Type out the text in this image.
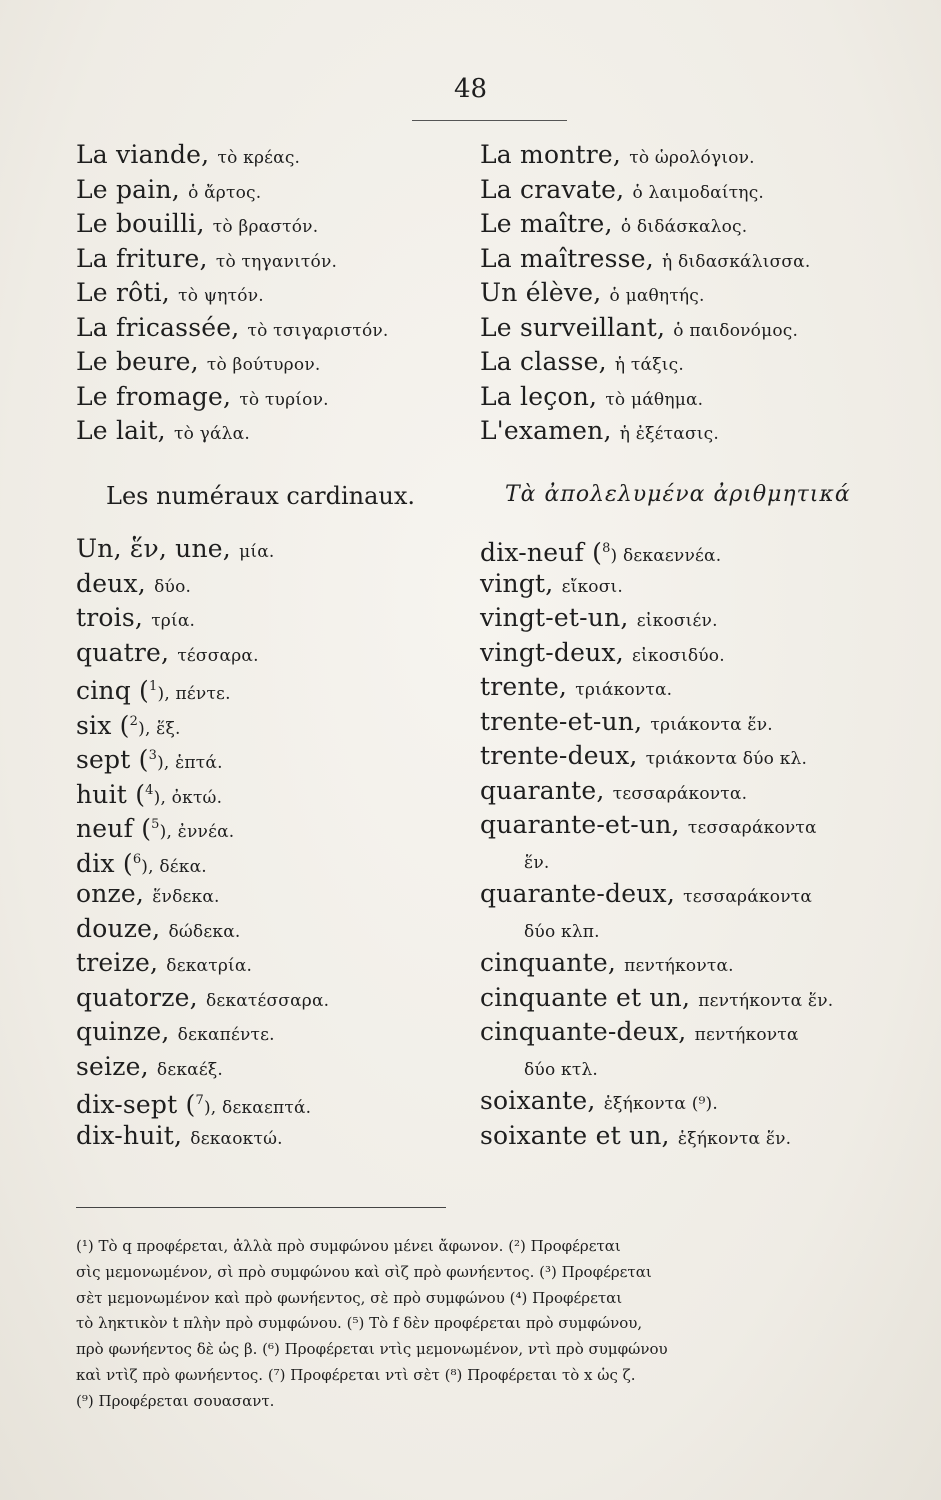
48
La viande, τὸ κρέας.
Le pain, ὁ ἄρτος.
Le bouilli, τὸ βραστόν.
La friture, τὸ τηγανιτόν.
Le rôti, τὸ ψητόν.
La fricassée, τὸ τσιγαριστόν.
Le beure, τὸ βούτυρον.
Le fromage, τὸ τυρίον.
Le lait, τὸ γάλα.
La montre, τὸ ὡρολόγιον.
La cravate, ὁ λαιμοδαίτης.
Le maître, ὁ διδάσκαλος.
La maîtresse, ἡ διδασκάλισσα.
Un élève, ὁ μαθητής.
Le surveillant, ὁ παιδονόμος.
La classe, ἡ τάξις.
La leçon, τὸ μάθημα.
L'examen, ἡ ἐξέτασις.
Les numéraux cardinaux.	Τὰ ἀπολελυμένα ἀριθμητικά
Un, ἕν, une, μία.
deux, δύο.
trois, τρία.
quatre, τέσσαρα.
cinq ($^1$), πέντε.
six ($^2$), ἕξ.
sept ($^3$), ἑπτά.
huit ($^4$), ὀκτώ.
neuf ($^5$), ἐννέα.
dix ($^6$), δέκα.
onze, ἕνδεκα.
douze, δώδεκα.
treize, δεκατρία.
quatorze, δεκατέσσαρα.
quinze, δεκαπέντε.
seize, δεκαέξ.
dix-sept ($^7$), δεκαεπτά.
dix-huit, δεκαοκτώ.
dix-neuf ($^8$) δεκαεννέα.
vingt, εἴκοσι.
vingt-et-un, εἰκοσιέν.
vingt-deux, εἰκοσιδύο.
trente, τριάκοντα.
trente-et-un, τριάκοντα ἕν.
trente-deux, τριάκοντα δύο κλ.
quarante, τεσσαράκοντα.
quarante-et-un, τεσσαράκοντα
ἕν.
quarante-deux, τεσσαράκοντα
δύο κλπ.
cinquante, πεντήκοντα.
cinquante et un, πεντήκοντα ἕν.
cinquante-deux, πεντήκοντα
δύο κτλ.
soixante, ἑξήκοντα (⁹).
soixante et un, ἑξήκοντα ἕν.
(¹) Τὸ q προφέρεται, ἀλλὰ πρὸ συμφώνου μένει ἄφωνον. (²) Προφέρεται
σὶς μεμονωμένον, σὶ πρὸ συμφώνου καὶ σὶζ πρὸ φωνήεντος. (³) Προφέρεται
σὲτ μεμονωμένον καὶ πρὸ φωνήεντος, σὲ πρὸ συμφώνου (⁴) Προφέρεται
τὸ ληκτικὸν t πλὴν πρὸ συμφώνου. (⁵) Τὸ f δὲν προφέρεται πρὸ συμφώνου,
πρὸ φωνήεντος δὲ ὡς β. (⁶) Προφέρεται ντὶς μεμονωμένον, ντὶ πρὸ συμφώνου
καὶ ντὶζ πρὸ φωνήεντος. (⁷) Προφέρεται ντὶ σὲτ (⁸) Προφέρεται τὸ x ὡς ζ.
(⁹) Προφέρεται σουασαντ.
